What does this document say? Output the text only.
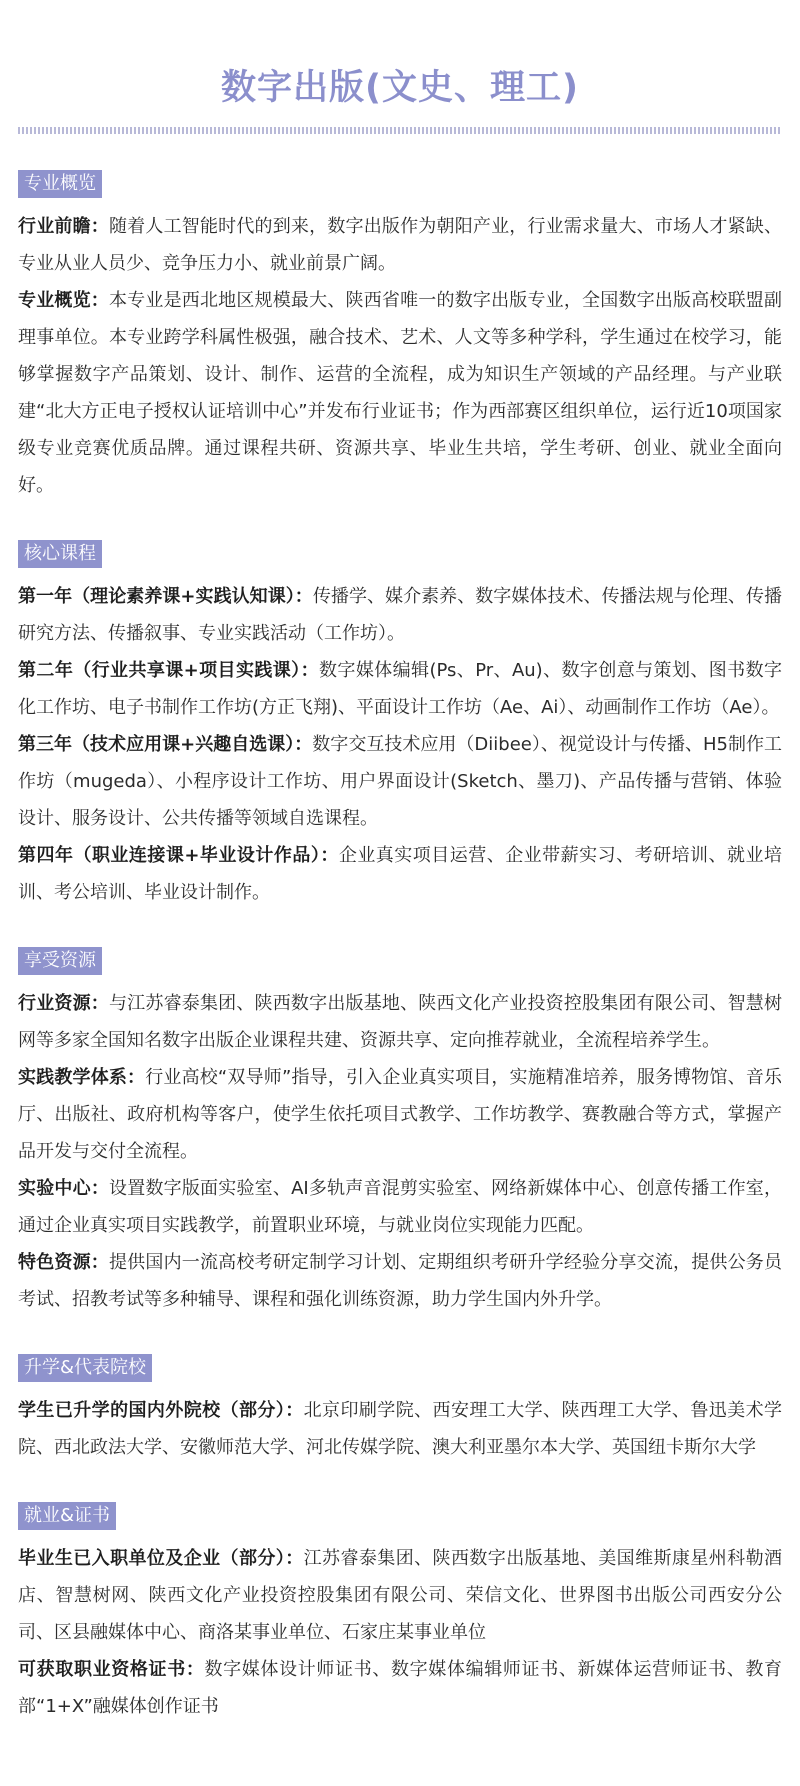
数字出版(文史、理工)
专业概览

行业前瞻：随着人工智能时代的到来，数字出版作为朝阳产业，行业需求量大、市场人才紧缺、专业从业人员少、竞争压力小、就业前景广阔。

专业概览：本专业是西北地区规模最大、陕西省唯一的数字出版专业，全国数字出版高校联盟副理事单位。本专业跨学科属性极强，融合技术、艺术、人文等多种学科，学生通过在校学习，能够掌握数字产品策划、设计、制作、运营的全流程，成为知识生产领域的产品经理。与产业联建“北大方正电子授权认证培训中心”并发布行业证书；作为西部赛区组织单位，运行近10项国家级专业竞赛优质品牌。通过课程共研、资源共享、毕业生共培，学生考研、创业、就业全面向好。

核心课程

第一年（理论素养课+实践认知课）：传播学、媒介素养、数字媒体技术、传播法规与伦理、传播研究方法、传播叙事、专业实践活动（工作坊）。

第二年（行业共享课+项目实践课）：数字媒体编辑(Ps、Pr、Au)、数字创意与策划、图书数字化工作坊、电子书制作工作坊(方正飞翔)、平面设计工作坊（Ae、Ai）、动画制作工作坊（Ae）。

第三年（技术应用课+兴趣自选课）：数字交互技术应用（Diibee）、视觉设计与传播、H5制作工作坊（mugeda）、小程序设计工作坊、用户界面设计(Sketch、墨刀)、产品传播与营销、体验设计、服务设计、公共传播等领域自选课程。

第四年（职业连接课+毕业设计作品）：企业真实项目运营、企业带薪实习、考研培训、就业培训、考公培训、毕业设计制作。

享受资源

行业资源：与江苏睿泰集团、陕西数字出版基地、陕西文化产业投资控股集团有限公司、智慧树网等多家全国知名数字出版企业课程共建、资源共享、定向推荐就业，全流程培养学生。

实践教学体系：行业高校“双导师”指导，引入企业真实项目，实施精准培养，服务博物馆、音乐厅、出版社、政府机构等客户，使学生依托项目式教学、工作坊教学、赛教融合等方式，掌握产品开发与交付全流程。

实验中心：设置数字版面实验室、AI多轨声音混剪实验室、网络新媒体中心、创意传播工作室，通过企业真实项目实践教学，前置职业环境，与就业岗位实现能力匹配。

特色资源：提供国内一流高校考研定制学习计划、定期组织考研升学经验分享交流，提供公务员考试、招教考试等多种辅导、课程和强化训练资源，助力学生国内外升学。

升学&代表院校

学生已升学的国内外院校（部分）：北京印刷学院、西安理工大学、陕西理工大学、鲁迅美术学院、西北政法大学、安徽师范大学、河北传媒学院、澳大利亚墨尔本大学、英国纽卡斯尔大学

就业&证书

毕业生已入职单位及企业（部分）：江苏睿泰集团、陕西数字出版基地、美国维斯康星州科勒酒店、智慧树网、陕西文化产业投资控股集团有限公司、荣信文化、世界图书出版公司西安分公司、区县融媒体中心、商洛某事业单位、石家庄某事业单位

可获取职业资格证书：数字媒体设计师证书、数字媒体编辑师证书、新媒体运营师证书、教育部“1+X”融媒体创作证书
